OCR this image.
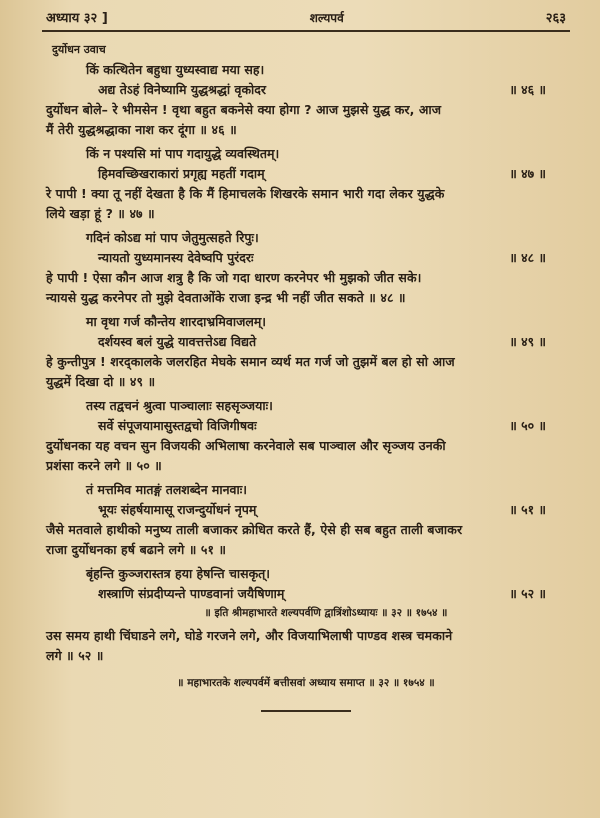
अध्याय ३२ ]	शल्यपर्व	२६३
दुर्योधन उवाच
किं कत्थितेन बहुधा युध्यस्वाद्य मया सह।
अद्य तेऽहं विनेष्यामि युद्धश्रद्धां वृकोदर	॥ ४६ ॥
दुर्योधन बोले– रे भीमसेन ! वृथा बहुत बकनेसे क्या होगा ? आज मुझसे युद्ध कर, आज
मैं तेरी युद्धश्रद्धाका नाश कर दूंगा ॥ ४६ ॥
किं न पश्यसि मां पाप गदायुद्धे व्यवस्थितम्।
हिमवच्छिखराकारां प्रगृह्य महतीं गदाम्	॥ ४७ ॥
रे पापी ! क्या तू नहीं देखता है कि मैं हिमाचलके शिखरके समान भारी गदा लेकर युद्धके
लिये खड़ा हूं ? ॥ ४७ ॥
गदिनं कोऽद्य मां पाप जेतुमुत्सहते रिपुः।
न्यायतो युध्यमानस्य देवेष्वपि पुरंदरः	॥ ४८ ॥
हे पापी ! ऐसा कौन आज शत्रु है कि जो गदा धारण करनेपर भी मुझको जीत सके।
न्यायसे युद्ध करनेपर तो मुझे देवताओंके राजा इन्द्र भी नहीं जीत सकते ॥ ४८ ॥
मा वृथा गर्ज कौन्तेय शारदाभ्रमिवाजलम्।
दर्शयस्व बलं युद्धे यावत्तत्तेऽद्य विद्यते	॥ ४९ ॥
हे कुन्तीपुत्र ! शरद्कालके जलरहित मेघके समान व्यर्थ मत गर्ज जो तुझमें बल हो सो आज
युद्धमें दिखा दो ॥ ४९ ॥
तस्य तद्वचनं श्रुत्वा पाञ्चालाः सहसृञ्जयाः।
सर्वे संपूजयामासुस्तद्वचो विजिगीषवः	॥ ५० ॥
दुर्योधनका यह वचन सुन विजयकी अभिलाषा करनेवाले सब पाञ्चाल और सृञ्जय उनकी
प्रशंसा करने लगे ॥ ५० ॥
तं मत्तमिव मातङ्गं तलशब्देन मानवाः।
भूयः संहर्षयामासू राजन्दुर्योधनं नृपम्	॥ ५१ ॥
जैसे मतवाले हाथीको मनुष्य ताली बजाकर क्रोधित करते हैं, ऐसे ही सब बहुत ताली बजाकर
राजा दुर्योधनका हर्ष बढाने लगे ॥ ५१ ॥
बृंहन्ति कुञ्जरास्तत्र हया हेषन्ति चासकृत्।
शस्त्राणि संप्रदीप्यन्ते पाण्डवानां जयैषिणाम्	॥ ५२ ॥
॥ इति श्रीमहाभारते शल्यपर्वणि द्वात्रिंशोऽध्यायः ॥ ३२ ॥ १७५४ ॥
उस समय हाथी चिंघाडने लगे, घोडे गरजने लगे, और विजयाभिलाषी पाण्डव शस्त्र चमकाने
लगे ॥ ५२ ॥
॥ महाभारतके शल्यपर्वमें बत्तीसवां अध्याय समाप्त ॥ ३२ ॥ १७५४ ॥
